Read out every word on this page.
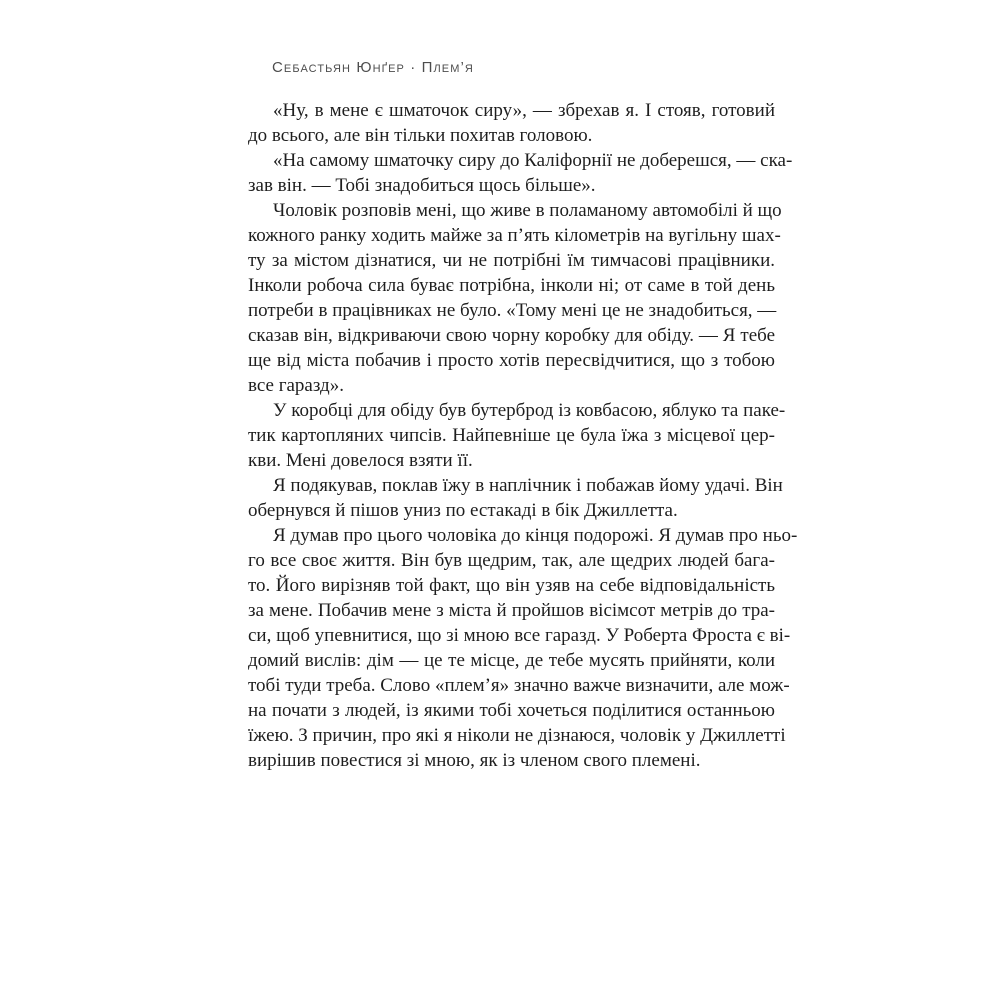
Себастьян Юнґер · Плем’я
«Ну, в мене є шматочок сиру», — збрехав я. І стояв, готовий
до всього, але він тільки похитав головою.
«На самому шматочку сиру до Каліфорнії не доберешся, — ска-
зав він. — Тобі знадобиться щось більше».
Чоловік розповів мені, що живе в поламаному автомобілі й що
кожного ранку ходить майже за п’ять кілометрів на вугільну шах-
ту за містом дізнатися, чи не потрібні їм тимчасові працівники.
Інколи робоча сила буває потрібна, інколи ні; от саме в той день
потреби в працівниках не було. «Тому мені це не знадобиться, —
сказав він, відкриваючи свою чорну коробку для обіду. — Я тебе
ще від міста побачив і просто хотів пересвідчитися, що з тобою
все гаразд».
У коробці для обіду був бутерброд із ковбасою, яблуко та паке-
тик картопляних чипсів. Найпевніше це була їжа з місцевої цер-
кви. Мені довелося взяти її.
Я подякував, поклав їжу в наплічник і побажав йому удачі. Він
обернувся й пішов униз по естакаді в бік Джиллетта.
Я думав про цього чоловіка до кінця подорожі. Я думав про ньо-
го все своє життя. Він був щедрим, так, але щедрих людей бага-
то. Його вирізняв той факт, що він узяв на себе відповідальність
за мене. Побачив мене з міста й пройшов вісімсот метрів до тра-
си, щоб упевнитися, що зі мною все гаразд. У Роберта Фроста є ві-
домий вислів: дім — це те місце, де тебе мусять прийняти, коли
тобі туди треба. Слово «плем’я» значно важче визначити, але мож-
на почати з людей, із якими тобі хочеться поділитися останньою
їжею. З причин, про які я ніколи не дізнаюся, чоловік у Джиллетті
вирішив повестися зі мною, як із членом свого племені.
